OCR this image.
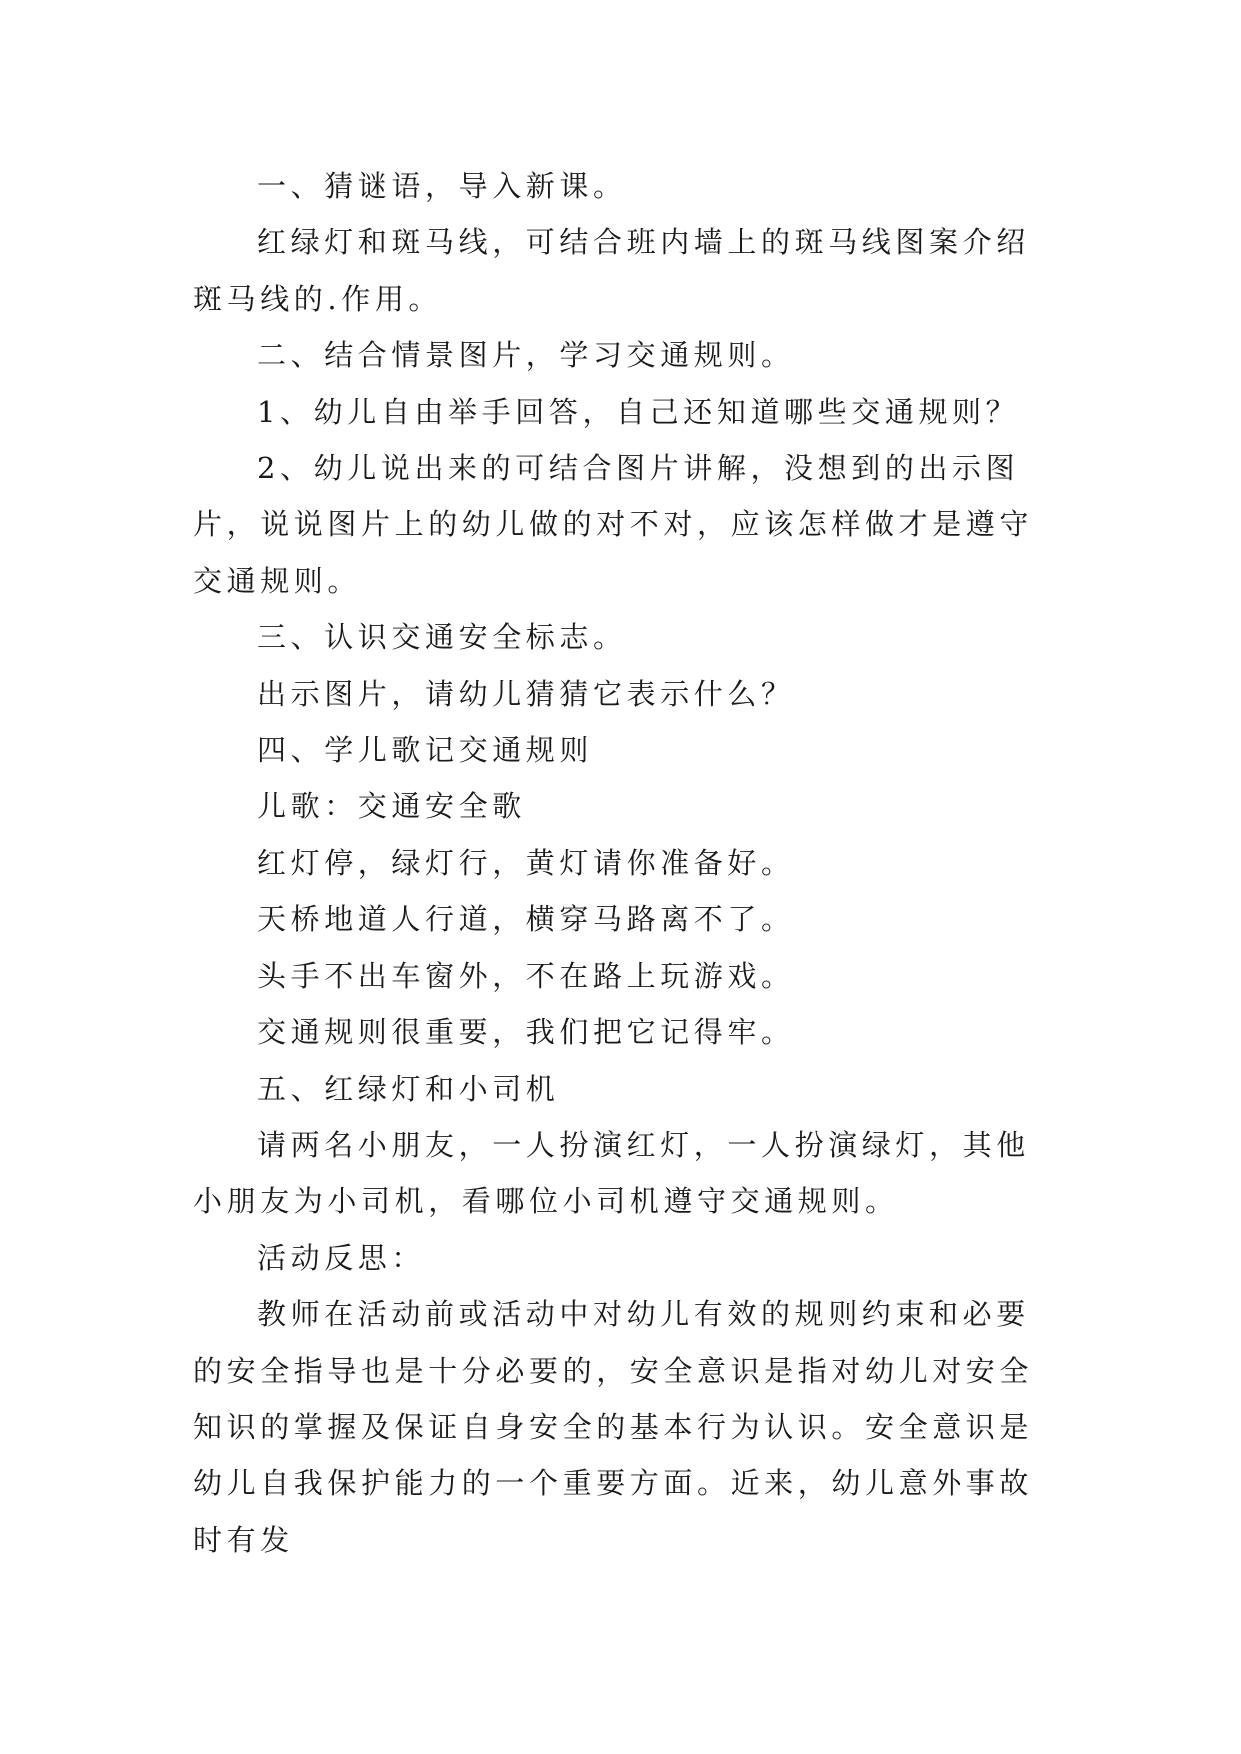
一、猜谜语，导入新课。

红绿灯和斑马线，可结合班内墙上的斑马线图案介绍斑马线的.作用。

二、结合情景图片，学习交通规则。

1、幼儿自由举手回答，自己还知道哪些交通规则？

2、幼儿说出来的可结合图片讲解，没想到的出示图片，说说图片上的幼儿做的对不对，应该怎样做才是遵守交通规则。

三、认识交通安全标志。

出示图片，请幼儿猜猜它表示什么？

四、学儿歌记交通规则

儿歌：交通安全歌

红灯停，绿灯行，黄灯请你准备好。

天桥地道人行道，横穿马路离不了。

头手不出车窗外，不在路上玩游戏。

交通规则很重要，我们把它记得牢。

五、红绿灯和小司机

请两名小朋友，一人扮演红灯，一人扮演绿灯，其他小朋友为小司机，看哪位小司机遵守交通规则。

活动反思：

教师在活动前或活动中对幼儿有效的规则约束和必要的安全指导也是十分必要的，安全意识是指对幼儿对安全知识的掌握及保证自身安全的基本行为认识。安全意识是幼儿自我保护能力的一个重要方面。近来，幼儿意外事故时有发
